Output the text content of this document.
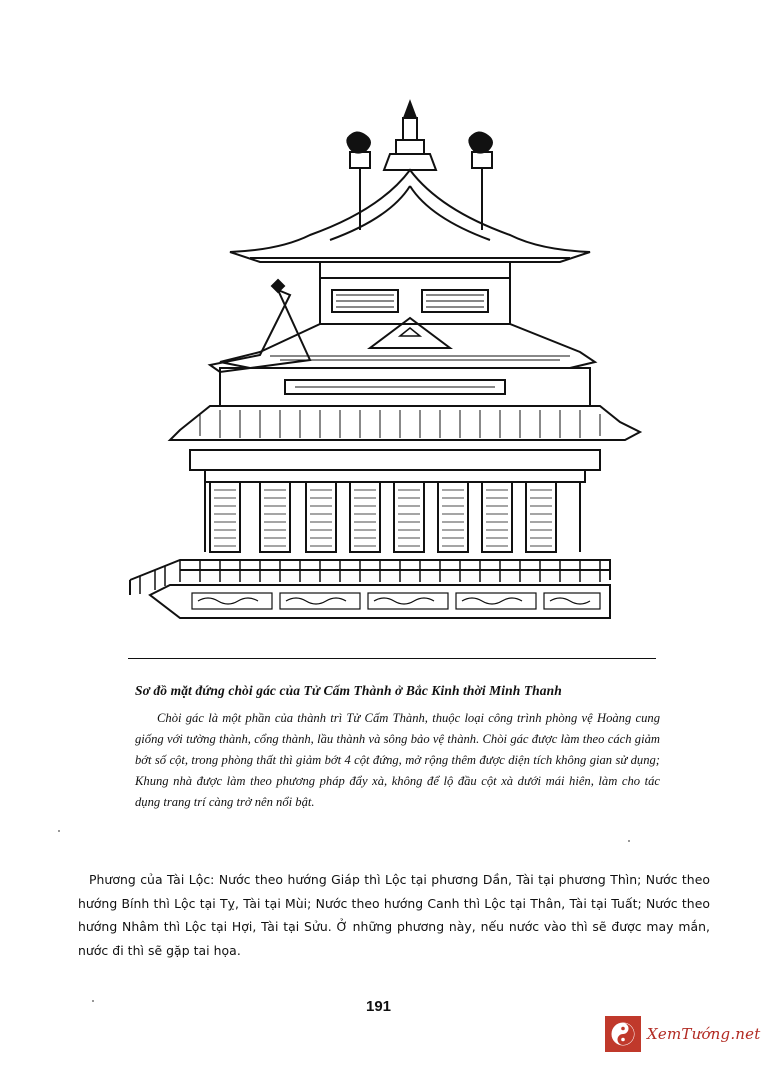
Sơ đồ mặt đứng chòi gác của Tử Cấm Thành ở Bắc Kinh thời Minh Thanh
Chòi gác là một phần của thành trì Tử Cấm Thành, thuộc loại công trình phòng vệ Hoàng cung giống với tường thành, cổng thành, lầu thành và sông bảo vệ thành. Chòi gác được làm theo cách giảm bớt số cột, trong phòng thất thì giảm bớt 4 cột đứng, mở rộng thêm được diện tích không gian sử dụng; Khung nhà được làm theo phương pháp đẩy xà, không để lộ đầu cột xà dưới mái hiên, làm cho tác dụng trang trí càng trở nên nổi bật.
Phương của Tài Lộc: Nước theo hướng Giáp thì Lộc tại phương Dần, Tài tại phương Thìn; Nước theo hướng Bính thì Lộc tại Tỵ, Tài tại Mùi; Nước theo hướng Canh thì Lộc tại Thân, Tài tại Tuất; Nước theo hướng Nhâm thì Lộc tại Hợi, Tài tại Sửu. Ở những phương này, nếu nước vào thì sẽ được may mắn, nước đi thì sẽ gặp tai họa.
191
XemTướng.net
